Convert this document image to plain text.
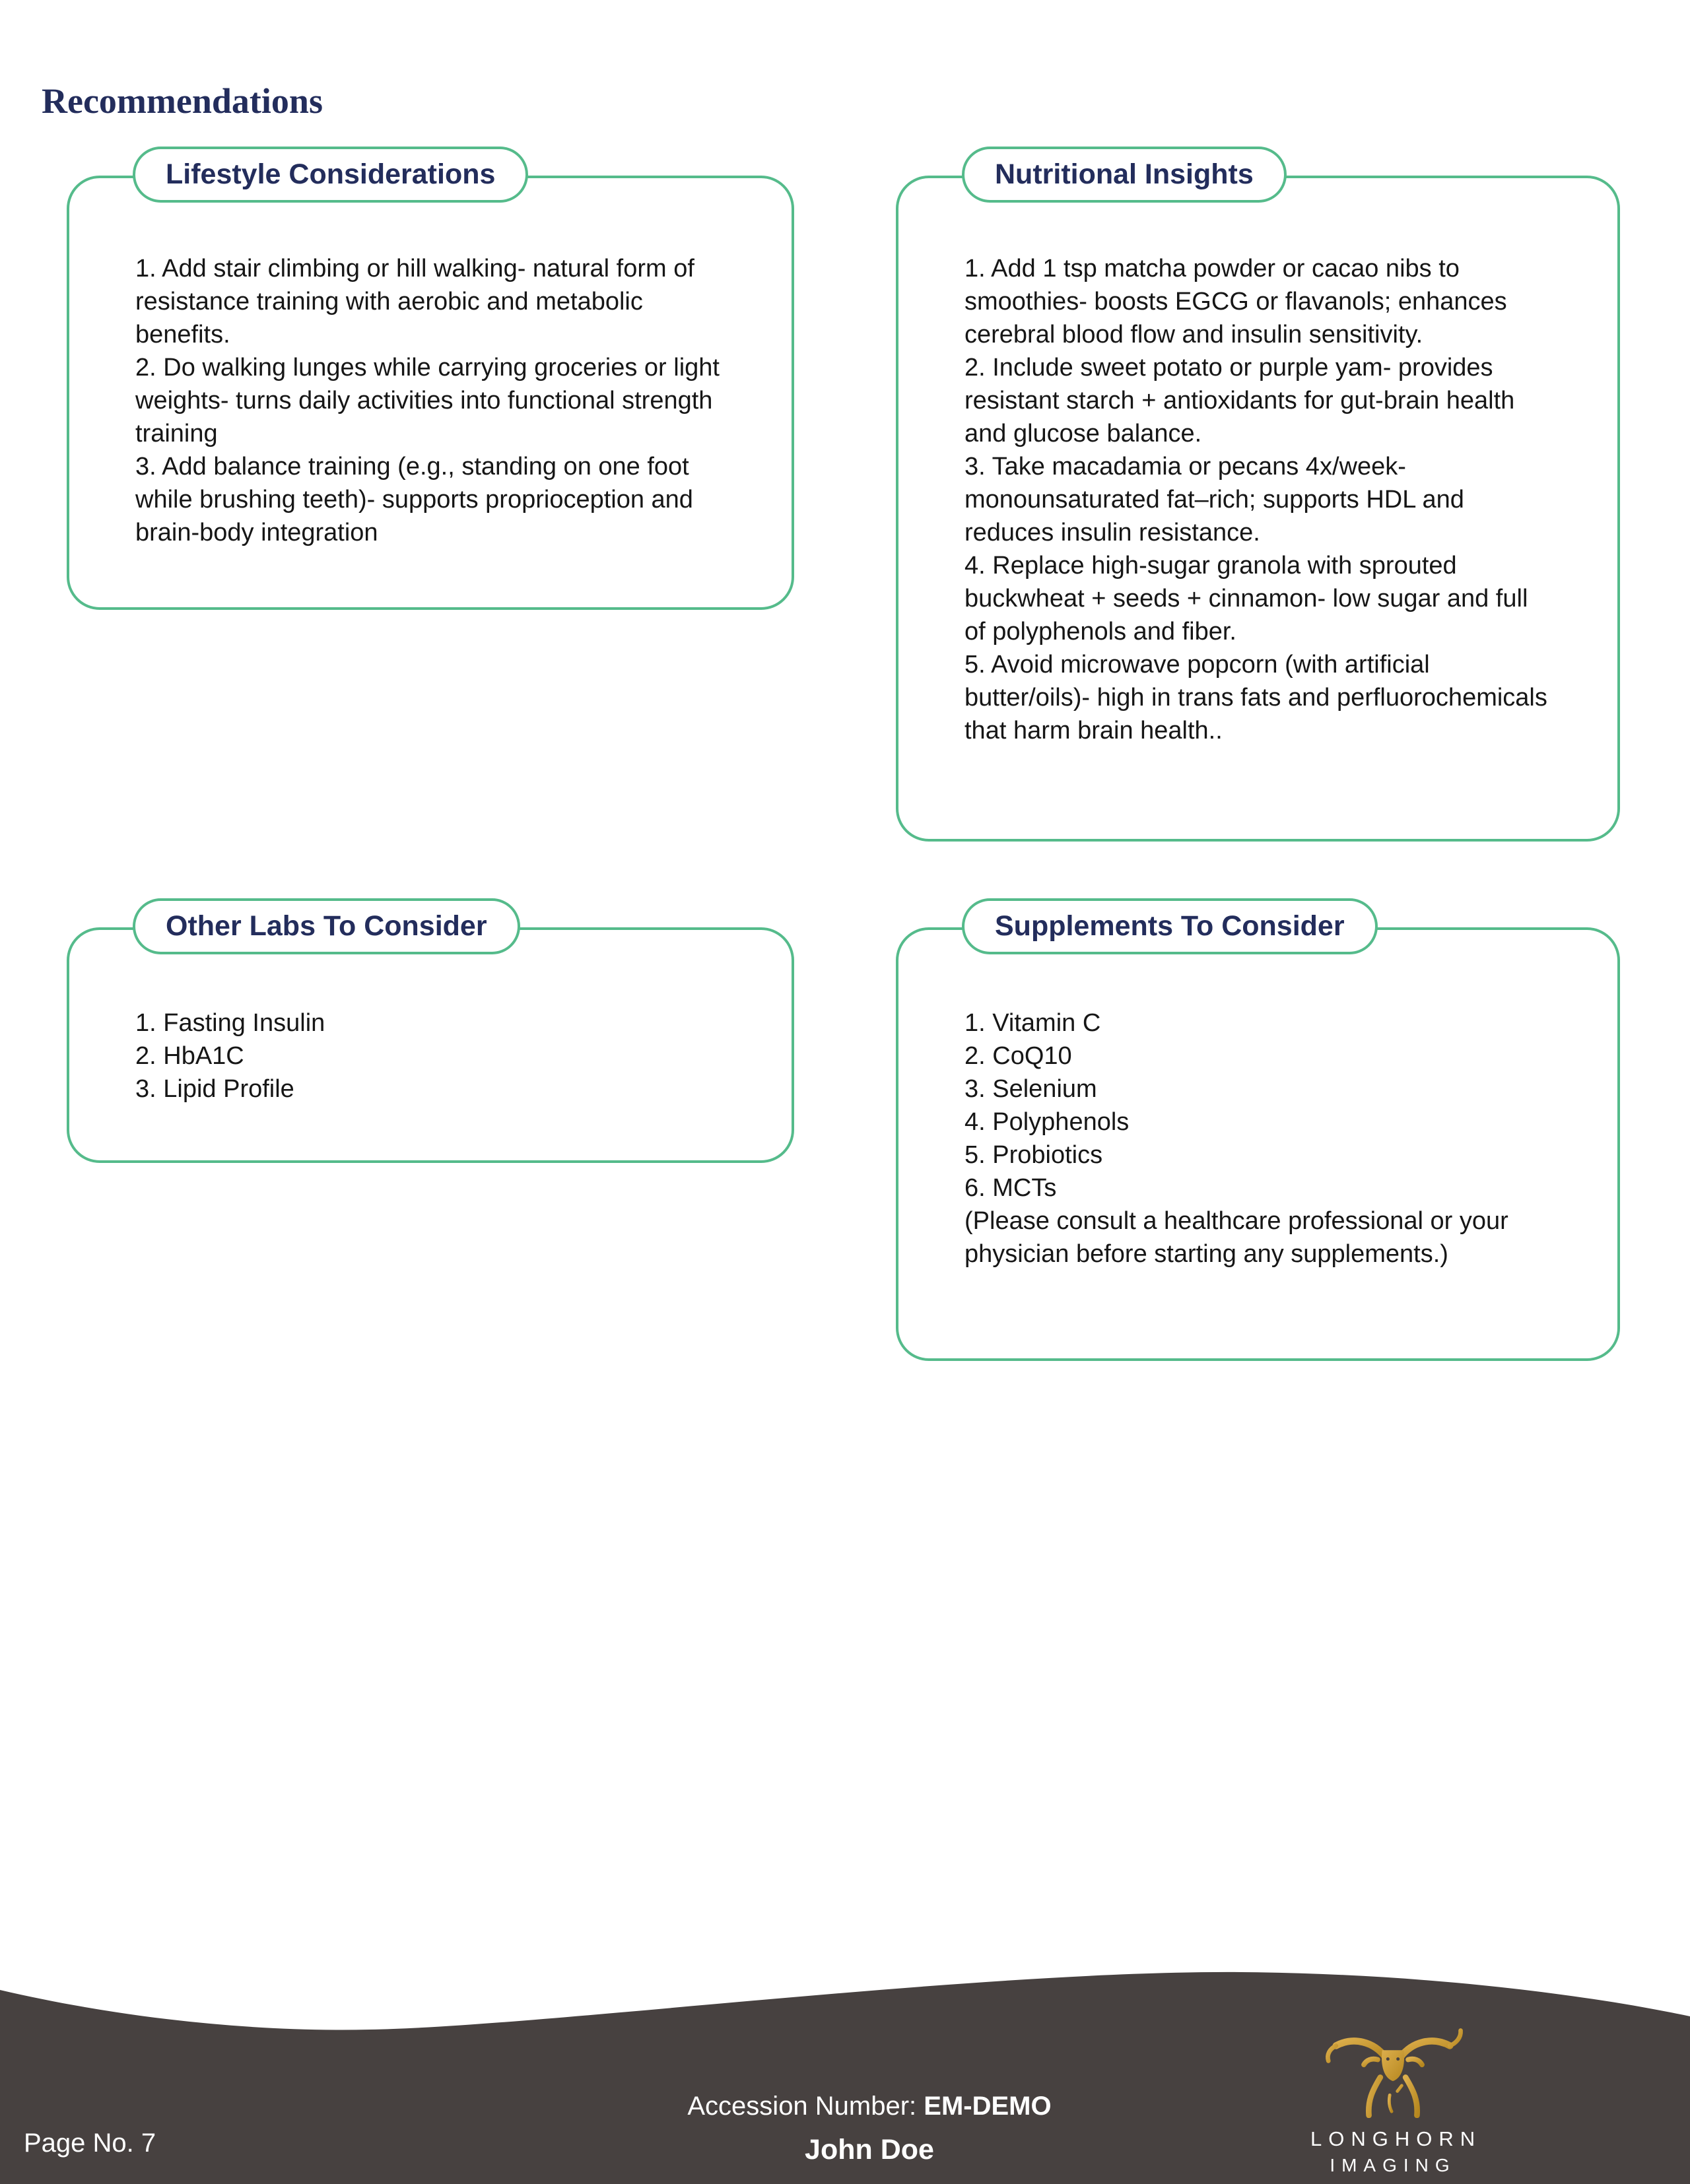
Recommendations
Lifestyle Considerations

1. Add stair climbing or hill walking- natural form of resistance training with aerobic and metabolic benefits.

2. Do walking lunges while carrying groceries or light weights- turns daily activities into functional strength training

3. Add balance training (e.g., standing on one foot while brushing teeth)- supports proprioception and brain-body integration

Nutritional Insights

1. Add 1 tsp matcha powder or cacao nibs to smoothies- boosts EGCG or flavanols; enhances cerebral blood flow and insulin sensitivity.

2. Include sweet potato or purple yam- provides resistant starch + antioxidants for gut-brain health and glucose balance.

3. Take macadamia or pecans 4x/week- monounsaturated fat–rich; supports HDL and reduces insulin resistance.

4. Replace high-sugar granola with sprouted buckwheat + seeds + cinnamon- low sugar and full of polyphenols and fiber.

5. Avoid microwave popcorn (with artificial butter/oils)- high in trans fats and perfluorochemicals that harm brain health..

Other Labs To Consider

1. Fasting Insulin

2. HbA1C

3. Lipid Profile

Supplements To Consider

1. Vitamin C

2. CoQ10

3. Selenium

4. Polyphenols

5. Probiotics

6. MCTs

(Please consult a healthcare professional or your physician before starting any supplements.)

Page No. 7
Accession Number: EM-DEMO
John Doe	LONGHORN
IMAGING
